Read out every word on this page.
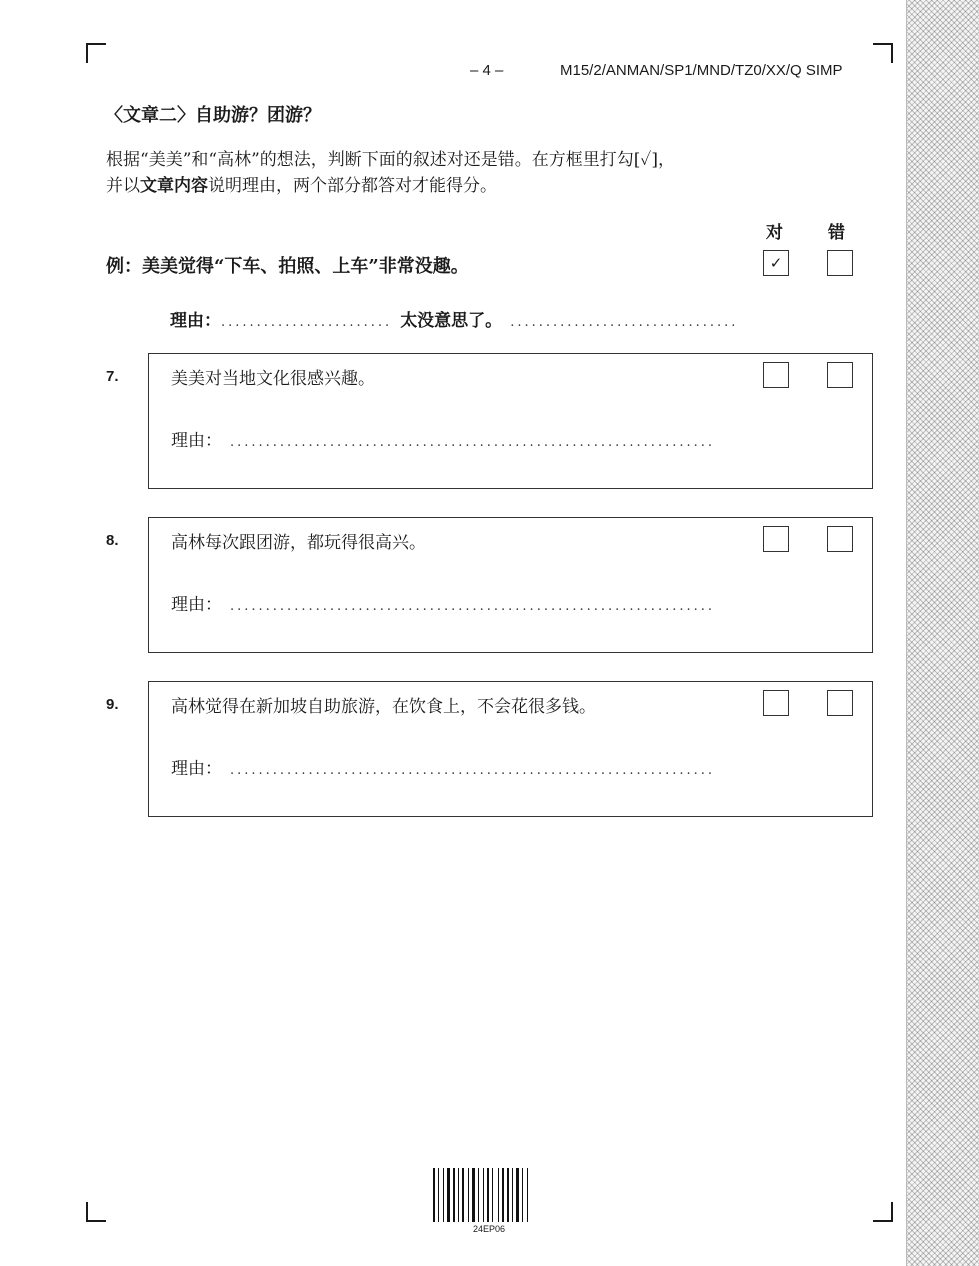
– 4 –	M15/2/ANMAN/SP1/MND/TZ0/XX/Q SIMP
〈文章二〉自助游？团游？
根据“美美”和“高林”的想法，判断下面的叙述对还是错。在方框里打勾[✓]，
并以文章内容说明理由，两个部分都答对才能得分。
对	错
例：美美觉得“下车、拍照、上车”非常没趣。	✓
理由： ........................ 太没意思了。 ................................
7.	美美对当地文化很感兴趣。
理由： ....................................................................
8.	高林每次跟团游，都玩得很高兴。
理由： ....................................................................
9.	高林觉得在新加坡自助旅游，在饮食上，不会花很多钱。
理由： ....................................................................
24EP06
